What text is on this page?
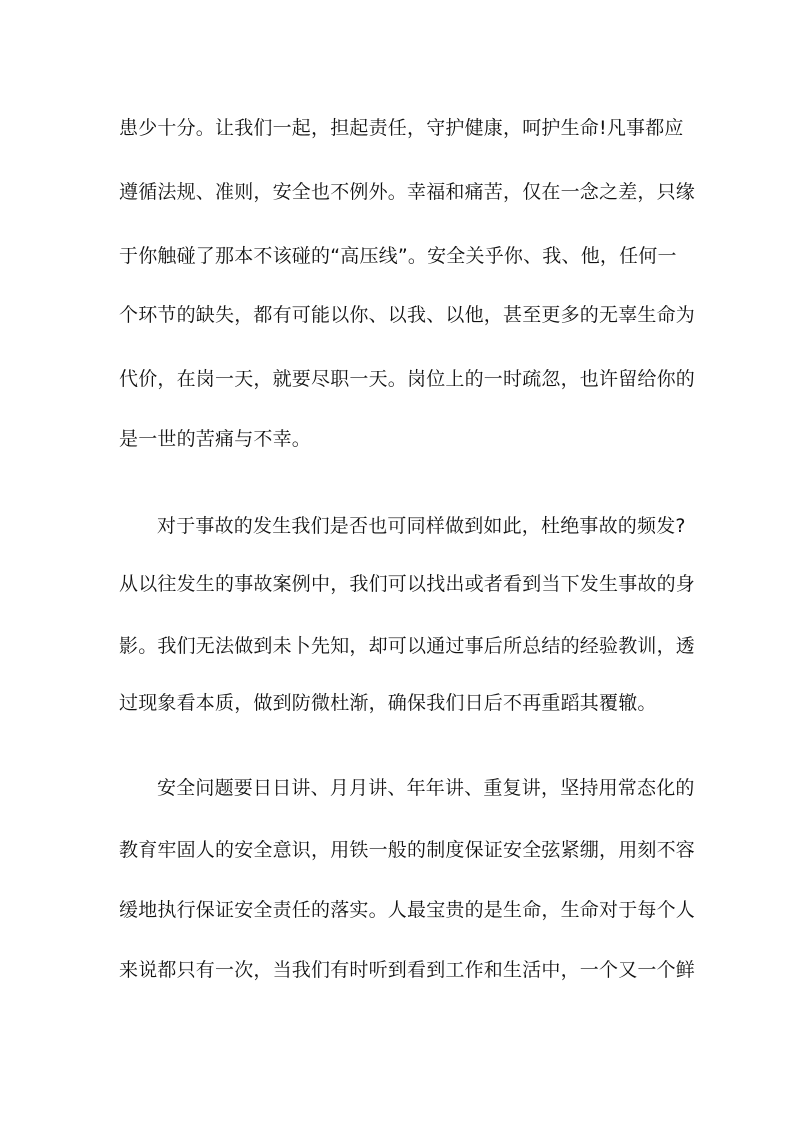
患少十分。让我们一起，担起责任，守护健康，呵护生命!凡事都应
遵循法规、准则，安全也不例外。幸福和痛苦，仅在一念之差，只缘
于你触碰了那本不该碰的“高压线”。安全关乎你、我、他，任何一
个环节的缺失，都有可能以你、以我、以他，甚至更多的无辜生命为
代价，在岗一天，就要尽职一天。岗位上的一时疏忽，也许留给你的
是一世的苦痛与不幸。
对于事故的发生我们是否也可同样做到如此，杜绝事故的频发?
从以往发生的事故案例中，我们可以找出或者看到当下发生事故的身
影。我们无法做到未卜先知，却可以通过事后所总结的经验教训，透
过现象看本质，做到防微杜渐，确保我们日后不再重蹈其覆辙。
安全问题要日日讲、月月讲、年年讲、重复讲，坚持用常态化的
教育牢固人的安全意识，用铁一般的制度保证安全弦紧绷，用刻不容
缓地执行保证安全责任的落实。人最宝贵的是生命，生命对于每个人
来说都只有一次，当我们有时听到看到工作和生活中，一个又一个鲜
